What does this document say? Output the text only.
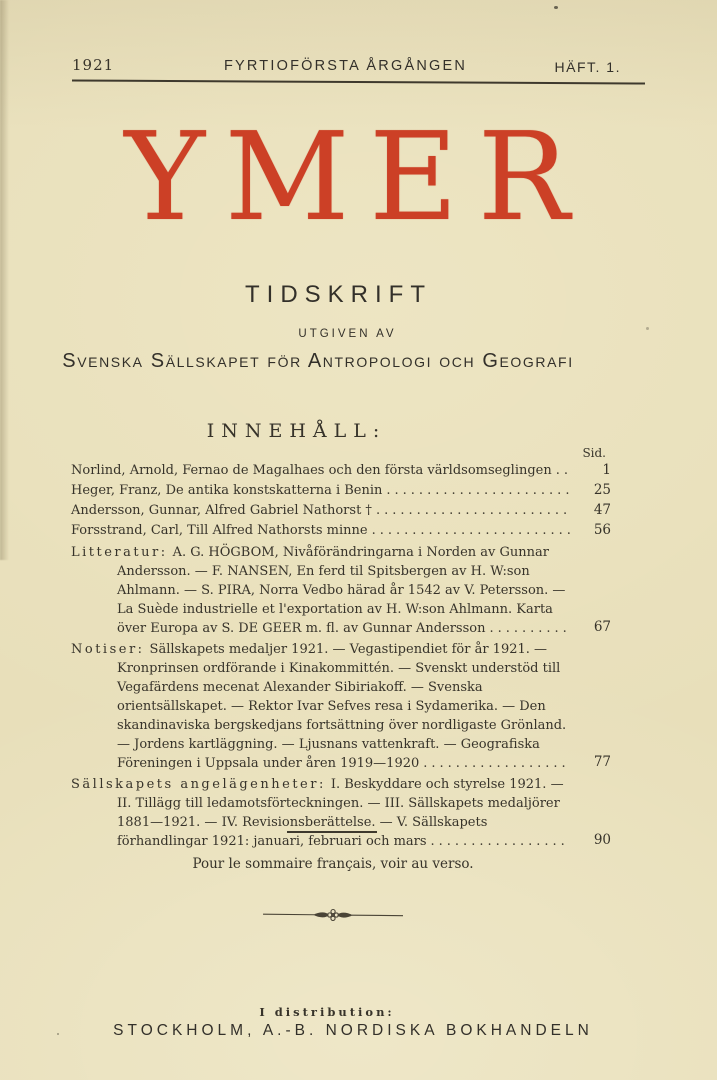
1921	FYRTIOFÖRSTA ÅRGÅNGEN	HÄFT. 1.
YMER
TIDSKRIFT
UTGIVEN AV
Svenska Sällskapet för Antropologi och Geografi
INNEHÅLL:
Sid.
Norlind, Arnold, Fernao de Magalhaes och den första världsomseglingen .. 1
Heger, Franz, De antika konstskatterna i Benin ....................... 25
Andersson, Gunnar, Alfred Gabriel Nathorst † ........................ 47
Forsstrand, Carl, Till Alfred Nathorsts minne ......................... 56
Litteratur: A. G. HÖGBOM, Nivåförändringarna i Norden av Gunnar Andersson. — F. NANSEN, En ferd til Spitsbergen av H. W:son Ahlmann. — S. PIRA, Norra Vedbo härad år 1542 av V. Petersson. — La Suède industrielle et l'exportation av H. W:son Ahlmann. Karta över Europa av S. DE GEER m. fl. av Gunnar Andersson .......... 67
Notiser: Sällskapets medaljer 1921. — Vegastipendiet för år 1921. — Kronprinsen ordförande i Kinakommittén. — Svenskt understöd till Vegafärdens mecenat Alexander Sibiriakoff. — Svenska orientsällskapet. — Rektor Ivar Sefves resa i Sydamerika. — Den skandinaviska bergskedjans fortsättning över nordligaste Grönland. — Jordens kartläggning. — Ljusnans vattenkraft. — Geografiska Föreningen i Uppsala under åren 1919—1920 .................. 77
Sällskapets angelägenheter: I. Beskyddare och styrelse 1921. — II. Tillägg till ledamotsförteckningen. — III. Sällskapets medaljörer 1881—1921. — IV. Revisionsberättelse. — V. Sällskapets förhandlingar 1921: januari, februari och mars ................. 90
Pour le sommaire français, voir au verso.
I distribution:
STOCKHOLM, A.-B. NORDISKA BOKHANDELN
